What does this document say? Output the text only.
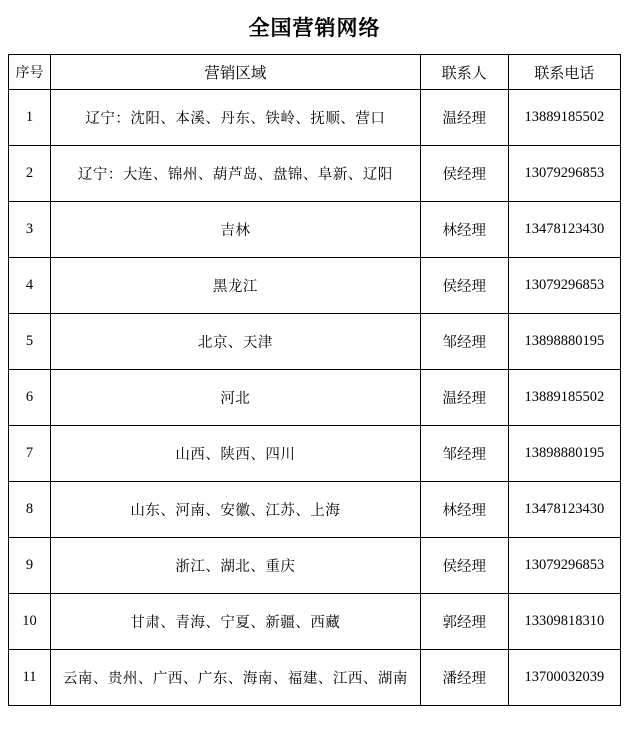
全国营销网络
序号	营销区域	联系人	联系电话
1	辽宁：沈阳、本溪、丹东、铁岭、抚顺、营口	温经理	13889185502
2	辽宁：大连、锦州、葫芦岛、盘锦、阜新、辽阳	侯经理	13079296853
3	吉林	林经理	13478123430
4	黑龙江	侯经理	13079296853
5	北京、天津	邹经理	13898880195
6	河北	温经理	13889185502
7	山西、陕西、四川	邹经理	13898880195
8	山东、河南、安徽、江苏、上海	林经理	13478123430
9	浙江、湖北、重庆	侯经理	13079296853
10	甘肃、青海、宁夏、新疆、西藏	郭经理	13309818310
11	云南、贵州、广西、广东、海南、福建、江西、湖南	潘经理	13700032039
